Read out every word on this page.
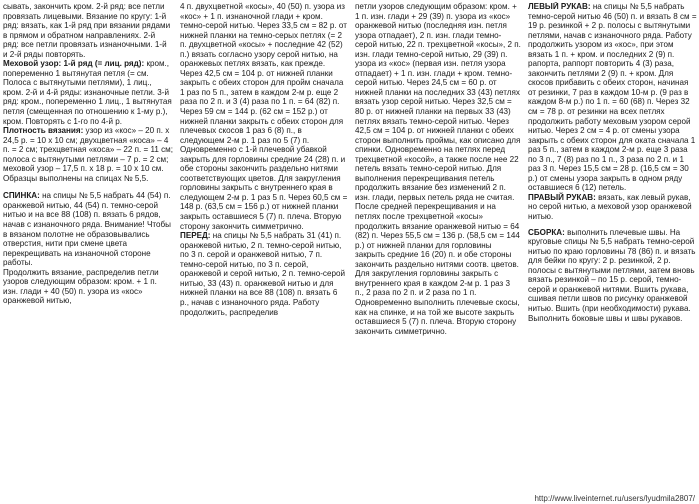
сывать, закончить кром. 2-й ряд: все петли провязать лицевыми. Вязание по кругу: 1-й ряд: вязать, как 1-й ряд при вязании рядами в прямом и обратном направлениях. 2-й ряд: все петли провязать изнаночными. 1-й и 2-й ряды повторять.

Меховой узор: 1-й ряд (= лиц. ряд): кром., попеременно 1 вытянутая петля (= см. Полоса с вытянутыми петлями), 1 лиц., кром. 2-й и 4-й ряды: изнаночные петли. 3-й ряд: кром., попеременно 1 лиц., 1 вытянутая петля (смещенная по отношению к 1-му р.), кром. Повторять с 1-го по 4-й р.

Плотность вязания: узор из «кос» – 20 п. х 24,5 р. = 10 х 10 см; двухцветная «коса» – 4 п. = 2 см; трехцветная «коса» – 22 п. = 11 см; полоса с вытянутыми петлями – 7 р. = 2 см; меховой узор – 17,5 п. х 18 р. = 10 х 10 см. Образцы выполнены на спицах № 5,5.

СПИНКА: на спицы № 5,5 набрать 44 (54) п. оранжевой нитью, 44 (54) п. темно-серой нитью и на все 88 (108) п. вязать 6 рядов, начав с изнаночного ряда. Внимание! Чтобы в вязаном полотне не образовывались отверстия, нити при смене цвета перекрещивать на изнаночной стороне работы.

Продолжить вязание, распределив петли узоров следующим образом: кром. + 1 п. изн. глади + 40 (50) п. узора из «кос» оранжевой нитью,

4 п. двухцветной «косы», 40 (50) п. узора из «кос» + 1 п. изнаночной глади + кром. темно-серой нитью. Через 33,5 см = 82 р. от нижней планки на темно-серых петлях (= 2 п. двухцветной «косы» + последние 42 (52) п.) вязать согласно узору серой нитью, на оранжевых петлях вязать, как прежде. Через 42,5 см = 104 р. от нижней планки закрыть с обеих сторон для пройм сначала 1 раз по 5 п., затем в каждом 2-м р. еще 2 раза по 2 п. и 3 (4) раза по 1 п. = 64 (82) п. Через 59 см = 144 р. (62 см = 152 р.) от нижней планки закрыть с обеих сторон для плечевых скосов 1 раз 6 (8) п., в следующем 2-м р. 1 раз по 5 (7) п. Одновременно с 1-й плечевой убавкой закрыть для горловины средние 24 (28) п. и обе стороны закончить раздельно нитями соответствующих цветов. Для закругления горловины закрыть с внутреннего края в следующем 2-м р. 1 раз 5 п. Через 60,5 см = 148 р. (63,5 см = 156 р.) от нижней планки закрыть оставшиеся 5 (7) п. плеча. Вторую сторону закончить симметрично.

ПЕРЕД: на спицы № 5,5 набрать 31 (41) п. оранжевой нитью, 2 п. темно-серой нитью, по 3 п. серой и оранжевой нитью, 7 п. темно-серой нитью, по 3 п. серой, оранжевой и серой нитью, 2 п. темно-серой нитью, 33 (43) п. оранжевой нитью и для нижней планки на все 88 (108) п. вязать 6 р., начав с изнаночного ряда. Работу продолжить, распределив

петли узоров следующим образом: кром. + 1 п. изн. глади + 29 (39) п. узора из «кос» оранжевой нитью (последняя изн. петля узора отпадает), 2 п. изн. глади темно-серой нитью, 22 п. трехцветной «косы», 2 п. изн. глади темно-серой нитью, 29 (39) п. узора из «кос» (первая изн. петля узора отпадает) + 1 п. изн. глади + кром. темно-серой нитью. Через 24,5 см = 60 р. от нижней планки на последних 33 (43) петлях вязать узор серой нитью. Через 32,5 см = 80 р. от нижней планки на первых 33 (43) петлях вязать темно-серой нитью. Через 42,5 см = 104 р. от нижней планки с обеих сторон выполнить проймы, как описано для спинки. Одновременно на петлях перед трехцветной «косой», а также после нее 22 петель вязать темно-серой нитью. Для выполнения перекрещивания петель продолжить вязание без изменений 2 п. изн. глади, первых петель ряда не считая. После средней перекрещивания и на петлях после трехцветной «косы» продолжить вязание оранжевой нитью = 64 (82) п. Через 55,5 см = 136 р. (58,5 см = 144 р.) от нижней планки для горловины закрыть средние 16 (20) п. и обе стороны закончить раздельно нитями соотв. цветов. Для закругления горловины закрыть с внутреннего края в каждом 2-м р. 1 раз 3 п., 2 раза по 2 п. и 2 раза по 1 п. Одновременно выполнить плечевые скосы, как на спинке, и на той же высоте закрыть оставшиеся 5 (7) п. плеча. Вторую сторону закончить симметрично.

ЛЕВЫЙ РУКАВ: на спицы № 5,5 набрать темно-серой нитью 46 (50) п. и вязать 8 см = 19 р. резинкой + 2 р. полосы с вытянутыми петлями, начав с изнаночного ряда. Работу продолжить узором из «кос», при этом вязать 1 п. + кром. и последних 2 (9) п. рапорта, раппорт повторить 4 (3) раза, закончить петлями 2 (9) п. + кром. Для скосов прибавить с обеих сторон, начиная от резинки, 7 раз в каждом 10-м р. (9 раз в каждом 8-м р.) по 1 п. = 60 (68) п. Через 32 см = 78 р. от резинки на всех петлях продолжить работу меховым узором серой нитью. Через 2 см = 4 р. от смены узора закрыть с обеих сторон для оката сначала 1 раз 5 п., затем в каждом 2-м р. еще 3 раза по 3 п., 7 (8) раз по 1 п., 3 раза по 2 п. и 1 раз 3 п. Через 15,5 см = 28 р. (16,5 см = 30 р.) от смены узора закрыть в одном ряду оставшиеся 6 (12) петель.

ПРАВЫЙ РУКАВ: вязать, как левый рукав, но серой нитью, а меховой узор оранжевой нитью.

СБОРКА: выполнить плечевые швы. На круговые спицы № 5,5 набрать темно-серой нитью по краю горловины 78 (86) п. и вязать для бейки по кругу: 2 р. резинкой, 2 р. полосы с вытянутыми петлями, затем вновь вязать резинкой – по 15 р. серой, темно-серой и оранжевой нитями. Вшить рукава, сшивая петли швов по рисунку оранжевой нитью. Вшить (при необходимости) рукава. Выполнить боковые швы и швы рукавов.

http://www.liveinternet.ru/users/lyudmila2807/
